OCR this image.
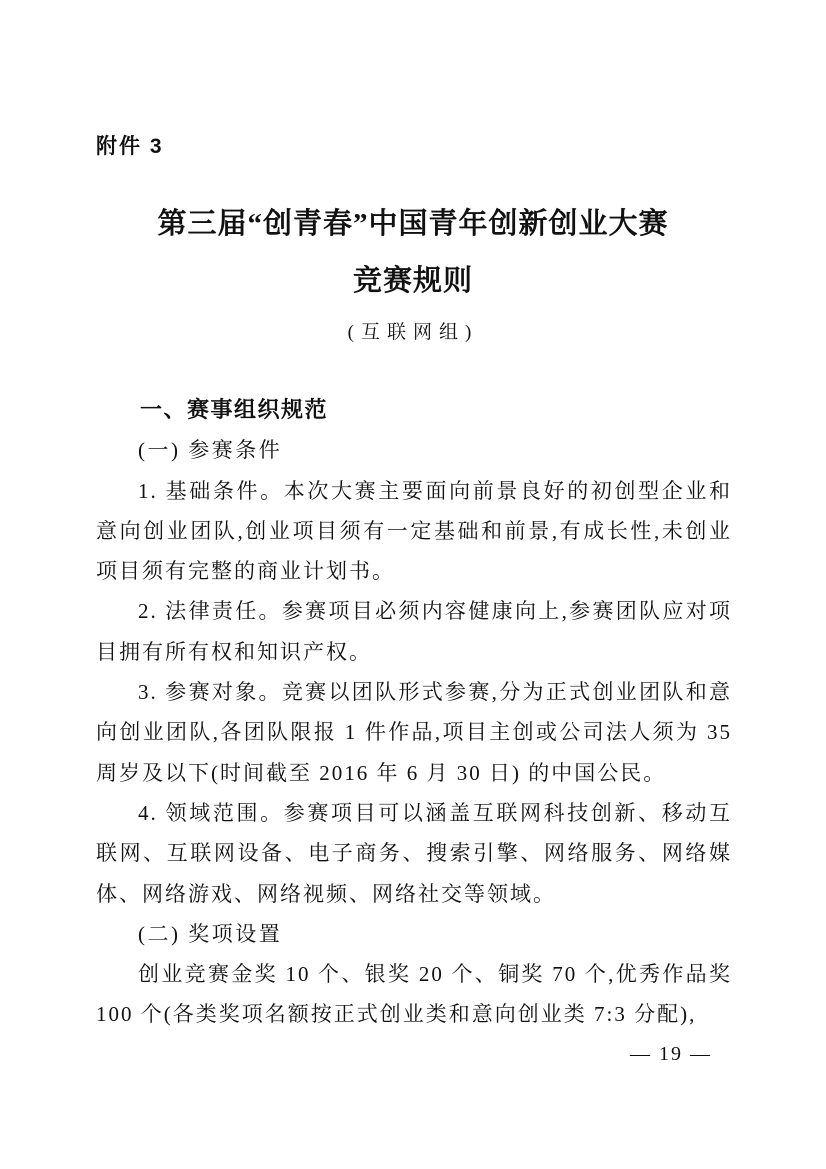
附件 3
第三届“创青春”中国青年创新创业大赛
竞赛规则
(互联网组)
一、赛事组织规范
(一) 参赛条件

1. 基础条件。本次大赛主要面向前景良好的初创型企业和意向创业团队,创业项目须有一定基础和前景,有成长性,未创业项目须有完整的商业计划书。

2. 法律责任。参赛项目必须内容健康向上,参赛团队应对项目拥有所有权和知识产权。

3. 参赛对象。竞赛以团队形式参赛,分为正式创业团队和意向创业团队,各团队限报 1 件作品,项目主创或公司法人须为 35 周岁及以下(时间截至 2016 年 6 月 30 日) 的中国公民。

4. 领域范围。参赛项目可以涵盖互联网科技创新、移动互联网、互联网设备、电子商务、搜索引擎、网络服务、网络媒体、网络游戏、网络视频、网络社交等领域。

(二) 奖项设置

创业竞赛金奖 10 个、银奖 20 个、铜奖 70 个,优秀作品奖 100 个(各类奖项名额按正式创业类和意向创业类 7:3 分配),

— 19 —
